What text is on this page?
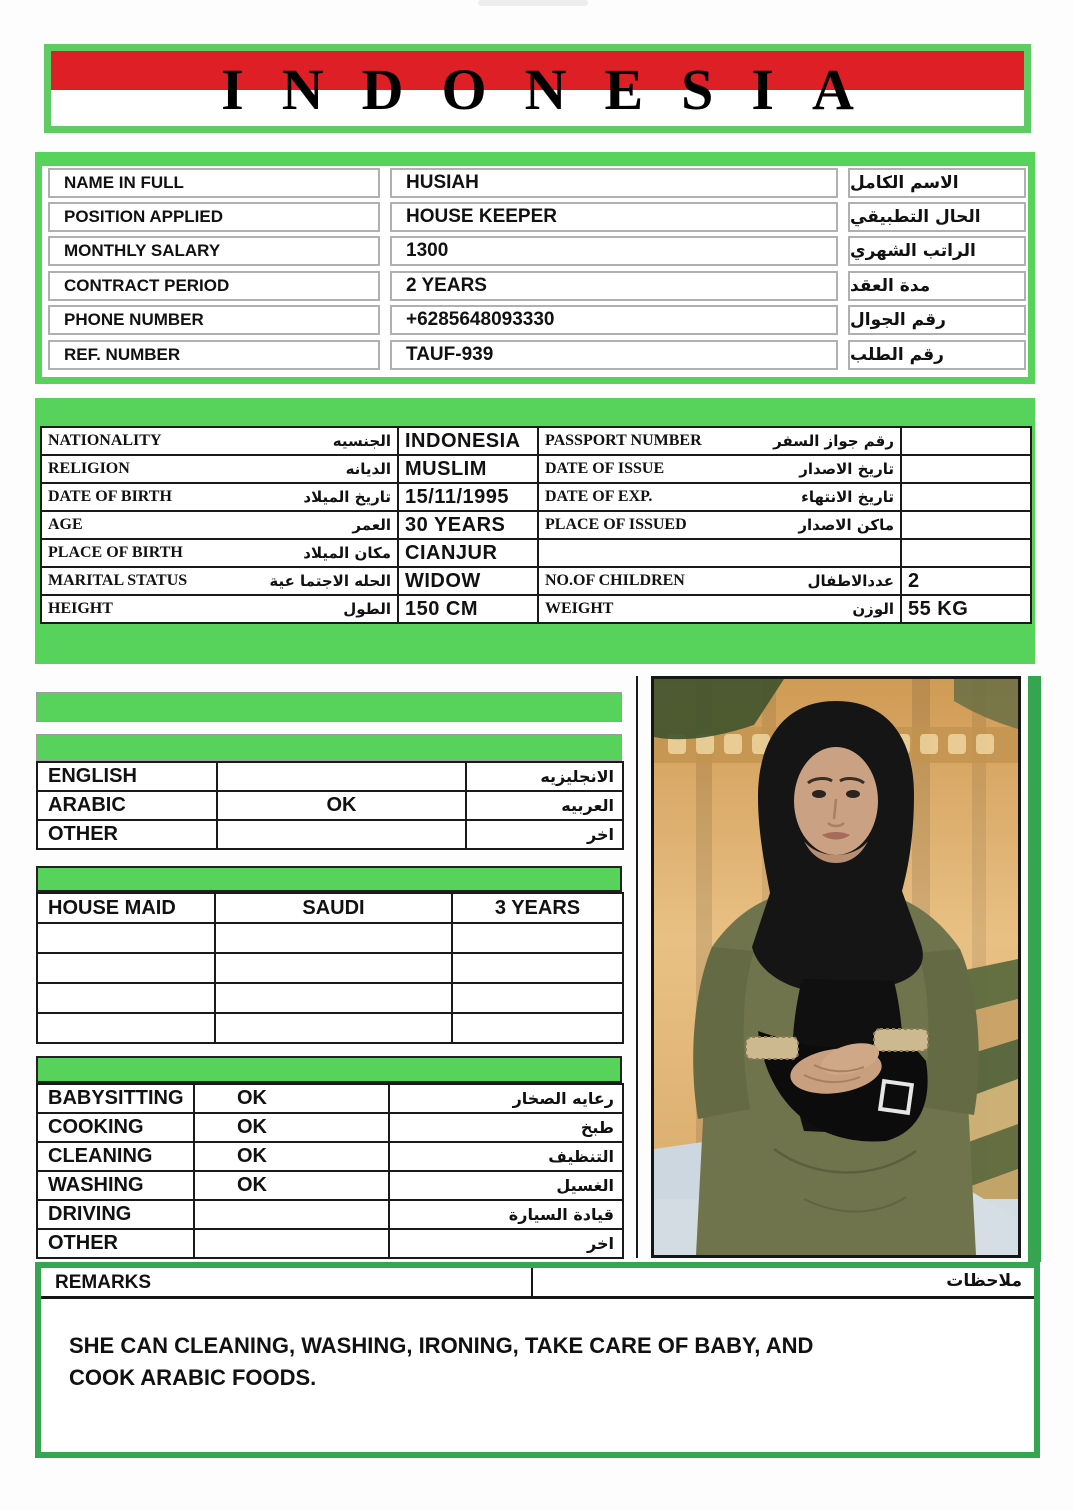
INDONESIA
NAME IN FULL	HUSIAH	الاسم الكامل
POSITION APPLIED	HOUSE KEEPER	الحال التطبيقي
MONTHLY SALARY	1300	الراتب الشهري
CONTRACT PERIOD	2 YEARS	مدة العقد
PHONE NUMBER	+6285648093330	رقم الجوال
REF. NUMBER	TAUF-939	رقم الطلب
NATIONALITY الجنسيه	INDONESIA	PASSPORT NUMBER رقم جواز السفر	

RELIGION الديانه	MUSLIM	DATE OF ISSUE تاريخ الاصدار	

DATE OF BIRTH تاريخ الميلاد	15/11/1995	DATE OF EXP. تاريخ الانتهاء	

AGE العمر	30 YEARS	PLACE OF ISSUED ماكن الاصدار	

PLACE OF BIRTH مكان الميلاد	CIANJUR	

MARITAL STATUS الحله الاجتما عية	WIDOW	NO.OF CHILDREN عددالاطفال	2

HEIGHT الطول	150 CM	WEIGHT الوزن	55 KG
ENGLISH		الانجليزيه
ARABIC	OK	العربيه
OTHER		اخر
HOUSE MAID	SAUDI	3 YEARS

BABYSITTING	OK	رعايه الصخار
COOKING	OK	طبخ
CLEANING	OK	التنظيف
WASHING	OK	الغسيل
DRIVING		قيادة السيارة
OTHER		اخر
REMARKS	ملاحظات
SHE CAN CLEANING, WASHING, IRONING, TAKE CARE OF BABY, AND COOK ARABIC FOODS.
